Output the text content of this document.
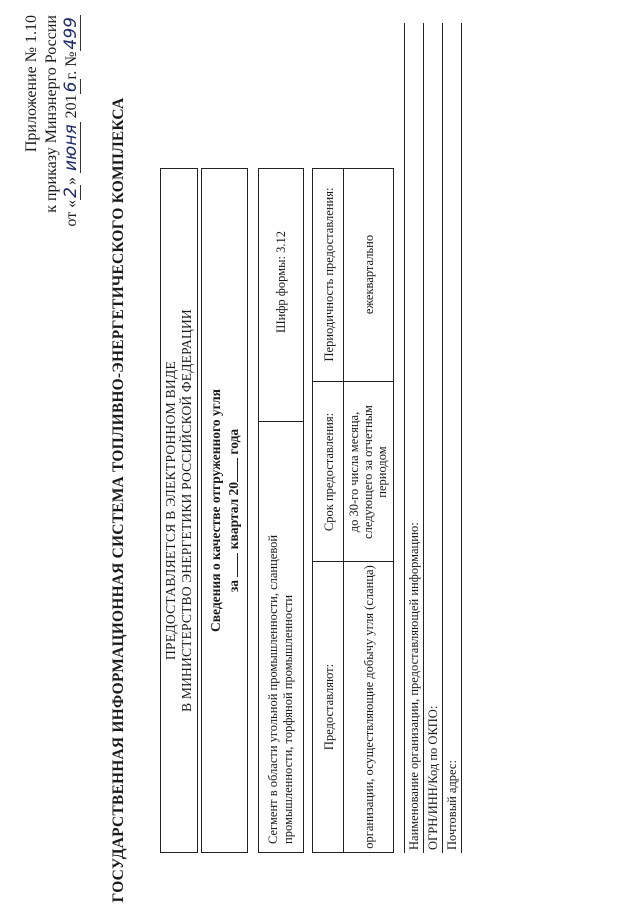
Приложение № 1.10 к приказу Минэнерго России
от «2» июня 2016г. №499
ГОСУДАРСТВЕННАЯ ИНФОРМАЦИОННАЯ СИСТЕМА ТОПЛИВНО-ЭНЕРГЕТИЧЕСКОГО КОМПЛЕКСА	ПРЕДОСТАВЛЯЕТСЯ В ЭЛЕКТРОННОМ ВИДЕ В МИНИСТЕРСТВО ЭНЕРГЕТИКИ РОССИЙСКОЙ ФЕДЕРАЦИИ Сведения о качестве отгруженного угля за  квартал 20 года
Сегмент в области угольной промышленности, сланцевой промышленности, торфяной промышленности
Шифр формы: 3.12
Предоставляют:
Срок предоставления:
Периодичность предоставления:
организации, осуществляющие добычу угля (сланца)
до 30-го числа месяца, следующего за отчетным периодом
ежеквартально
Наименование организации, предоставляющей информацию: ОГРН/ИНН/Код по ОКПО: Почтовый адрес:
